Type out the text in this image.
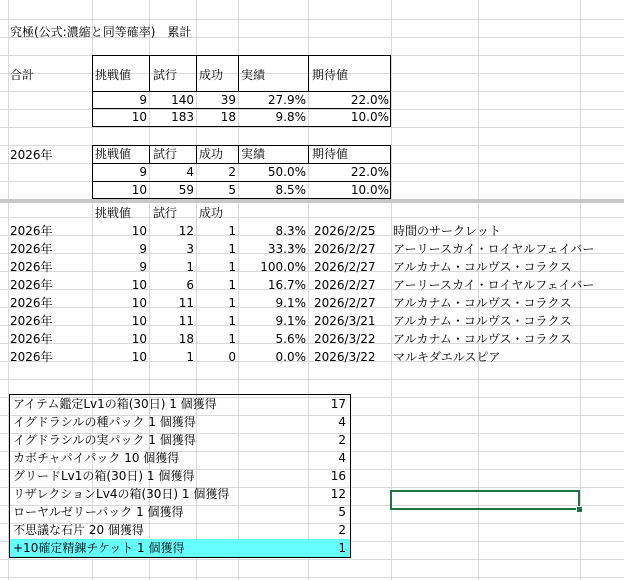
究極(公式:濃縮と同等確率)　累計
合計	挑戦値 試行 成功 実績	期待値
9	140	39	27.9%	22.0%
10	183	18	9.8%	10.0%
2026年	挑戦値 試行 成功 実績	期待値
9	4	2	50.0%	22.0%
10	59	5	8.5%	10.0%
挑戦値 試行 成功
2026年	10	12	1	8.3% 2026/2/25 時間のサークレット
2026年	9	3	1	33.3% 2026/2/27 アーリースカイ・ロイヤルフェイバー
2026年	9	1	1	100.0% 2026/2/27 アルカナム・コルヴス・コラクス
2026年	10	6	1	16.7% 2026/2/27 アーリースカイ・ロイヤルフェイバー
2026年	10	11	1	9.1% 2026/2/27 アルカナム・コルヴス・コラクス
2026年	10	11	1	9.1% 2026/3/21 アルカナム・コルヴス・コラクス
2026年	10	18	1	5.6% 2026/3/22 アルカナム・コルヴス・コラクス
2026年	10	1	0	0.0% 2026/3/22 マルキダエルスピア
アイテム鑑定Lv1の箱(30日) 1 個獲得	17
イグドラシルの種パック 1 個獲得	4
イグドラシルの実パック 1 個獲得	2
カボチャパイパック 10 個獲得	4
グリードLv1の箱(30日) 1 個獲得	16
リザレクションLv4の箱(30日) 1 個獲得	12
ローヤルゼリーパック 1 個獲得	5
不思議な石片 20 個獲得	2
+10確定精錬チケット 1 個獲得	1
